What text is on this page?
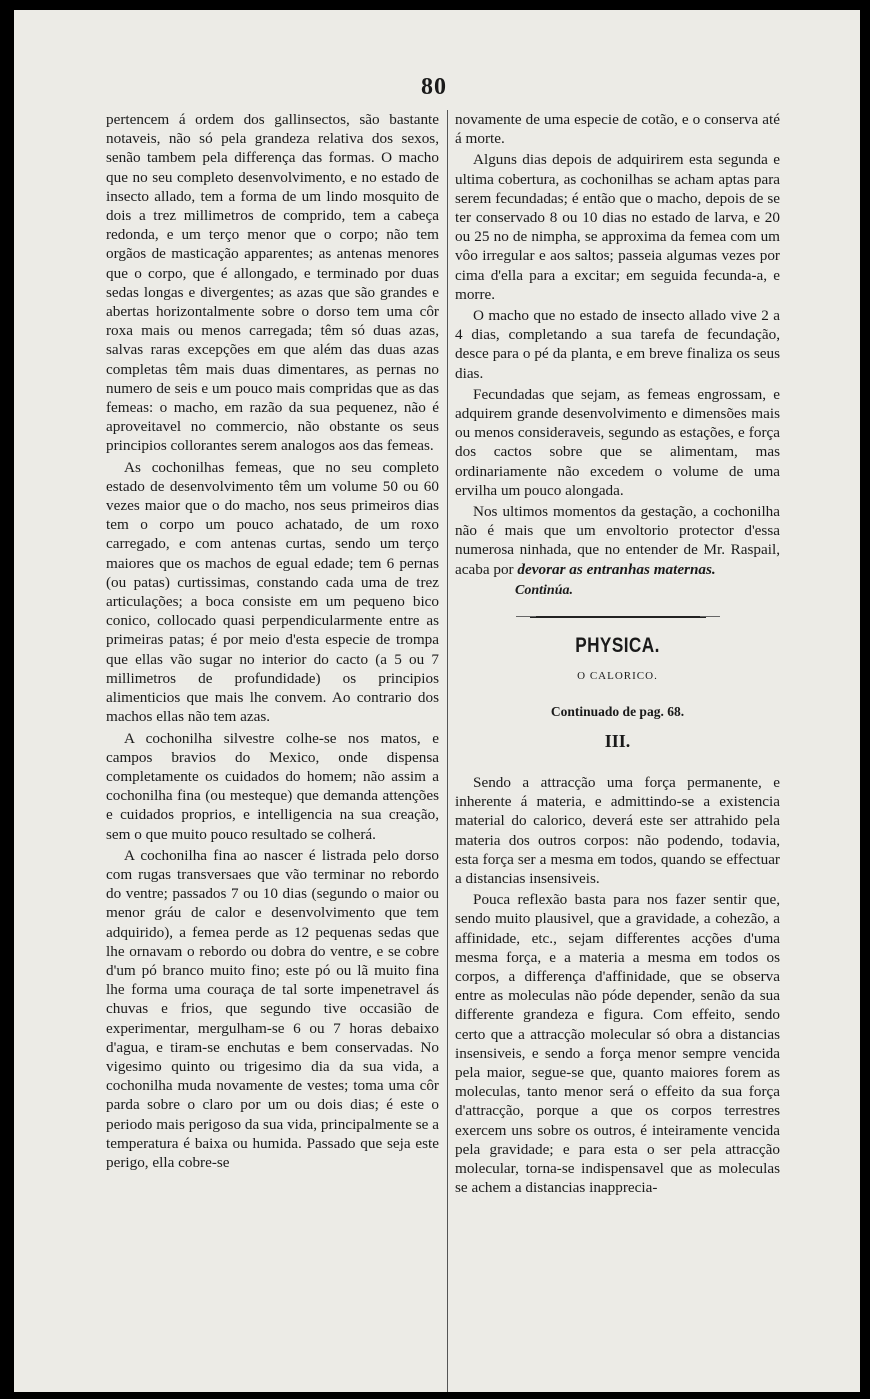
80

pertencem á ordem dos gallinsectos, são bastante notaveis, não só pela grandeza relativa dos sexos, senão tambem pela differença das formas. O macho que no seu completo desenvolvimento, e no estado de insecto allado, tem a forma de um lindo mosquito de dois a trez millimetros de comprido, tem a cabeça redonda, e um terço menor que o corpo; não tem orgãos de masticação apparentes; as antenas menores que o corpo, que é allongado, e terminado por duas sedas longas e divergentes; as azas que são grandes e abertas horizontalmente sobre o dorso tem uma côr roxa mais ou menos carregada; têm só duas azas, salvas raras excepções em que além das duas azas completas têm mais duas dimentares, as pernas no numero de seis e um pouco mais compridas que as das femeas: o macho, em razão da sua pequenez, não é aproveitavel no commercio, não obstante os seus principios collorantes serem analogos aos das femeas.

As cochonilhas femeas, que no seu completo estado de desenvolvimento têm um volume 50 ou 60 vezes maior que o do macho, nos seus primeiros dias tem o corpo um pouco achatado, de um roxo carregado, e com antenas curtas, sendo um terço maiores que os machos de egual edade; tem 6 pernas (ou patas) curtissimas, constando cada uma de trez articulações; a boca consiste em um pequeno bico conico, collocado quasi perpendicularmente entre as primeiras patas; é por meio d'esta especie de trompa que ellas vão sugar no interior do cacto (a 5 ou 7 millimetros de profundidade) os principios alimenticios que mais lhe convem. Ao contrario dos machos ellas não tem azas.

A cochonilha silvestre colhe-se nos matos, e campos bravios do Mexico, onde dispensa completamente os cuidados do homem; não assim a cochonilha fina (ou mesteque) que demanda attenções e cuidados proprios, e intelligencia na sua creação, sem o que muito pouco resultado se colherá.

A cochonilha fina ao nascer é listrada pelo dorso com rugas transversaes que vão terminar no rebordo do ventre; passados 7 ou 10 dias (segundo o maior ou menor gráu de calor e desenvolvimento que tem adquirido), a femea perde as 12 pequenas sedas que lhe ornavam o rebordo ou dobra do ventre, e se cobre d'um pó branco muito fino; este pó ou lã muito fina lhe forma uma couraça de tal sorte impenetravel ás chuvas e frios, que segundo tive occasião de experimentar, mergulham-se 6 ou 7 horas debaixo d'agua, e tiram-se enchutas e bem conservadas. No vigesimo quinto ou trigesimo dia da sua vida, a cochonilha muda novamente de vestes; toma uma côr parda sobre o claro por um ou dois dias; é este o periodo mais perigoso da sua vida, principalmente se a temperatura é baixa ou humida. Passado que seja este perigo, ella cobre-se

novamente de uma especie de cotão, e o conserva até á morte.

Alguns dias depois de adquirirem esta segunda e ultima cobertura, as cochonilhas se acham aptas para serem fecundadas; é então que o macho, depois de se ter conservado 8 ou 10 dias no estado de larva, e 20 ou 25 no de nimpha, se approxima da femea com um vôo irregular e aos saltos; passeia algumas vezes por cima d'ella para a excitar; em seguida fecunda-a, e morre.

O macho que no estado de insecto allado vive 2 a 4 dias, completando a sua tarefa de fecundação, desce para o pé da planta, e em breve finaliza os seus dias.

Fecundadas que sejam, as femeas engrossam, e adquirem grande desenvolvimento e dimensões mais ou menos consideraveis, segundo as estações, e força dos cactos sobre que se alimentam, mas ordinariamente não excedem o volume de uma ervilha um pouco alongada.

Nos ultimos momentos da gestação, a cochonilha não é mais que um envoltorio protector d'essa numerosa ninhada, que no entender de Mr. Raspail, acaba por devorar as entranhas maternas.

Continúa.

PHYSICA.
O CALORICO.
Continuado de pag. 68.
III.

Sendo a attracção uma força permanente, e inherente á materia, e admittindo-se a existencia material do calorico, deverá este ser attrahido pela materia dos outros corpos: não podendo, todavia, esta força ser a mesma em todos, quando se effectuar a distancias insensiveis.

Pouca reflexão basta para nos fazer sentir que, sendo muito plausivel, que a gravidade, a cohezão, a affinidade, etc., sejam differentes acções d'uma mesma força, e a materia a mesma em todos os corpos, a differença d'affinidade, que se observa entre as moleculas não póde depender, senão da sua differente grandeza e figura. Com effeito, sendo certo que a attracção molecular só obra a distancias insensiveis, e sendo a força menor sempre vencida pela maior, segue-se que, quanto maiores forem as moleculas, tanto menor será o effeito da sua força d'attracção, porque a que os corpos terrestres exercem uns sobre os outros, é inteiramente vencida pela gravidade; e para esta o ser pela attracção molecular, torna-se indispensavel que as moleculas se achem a distancias inapprecia-
